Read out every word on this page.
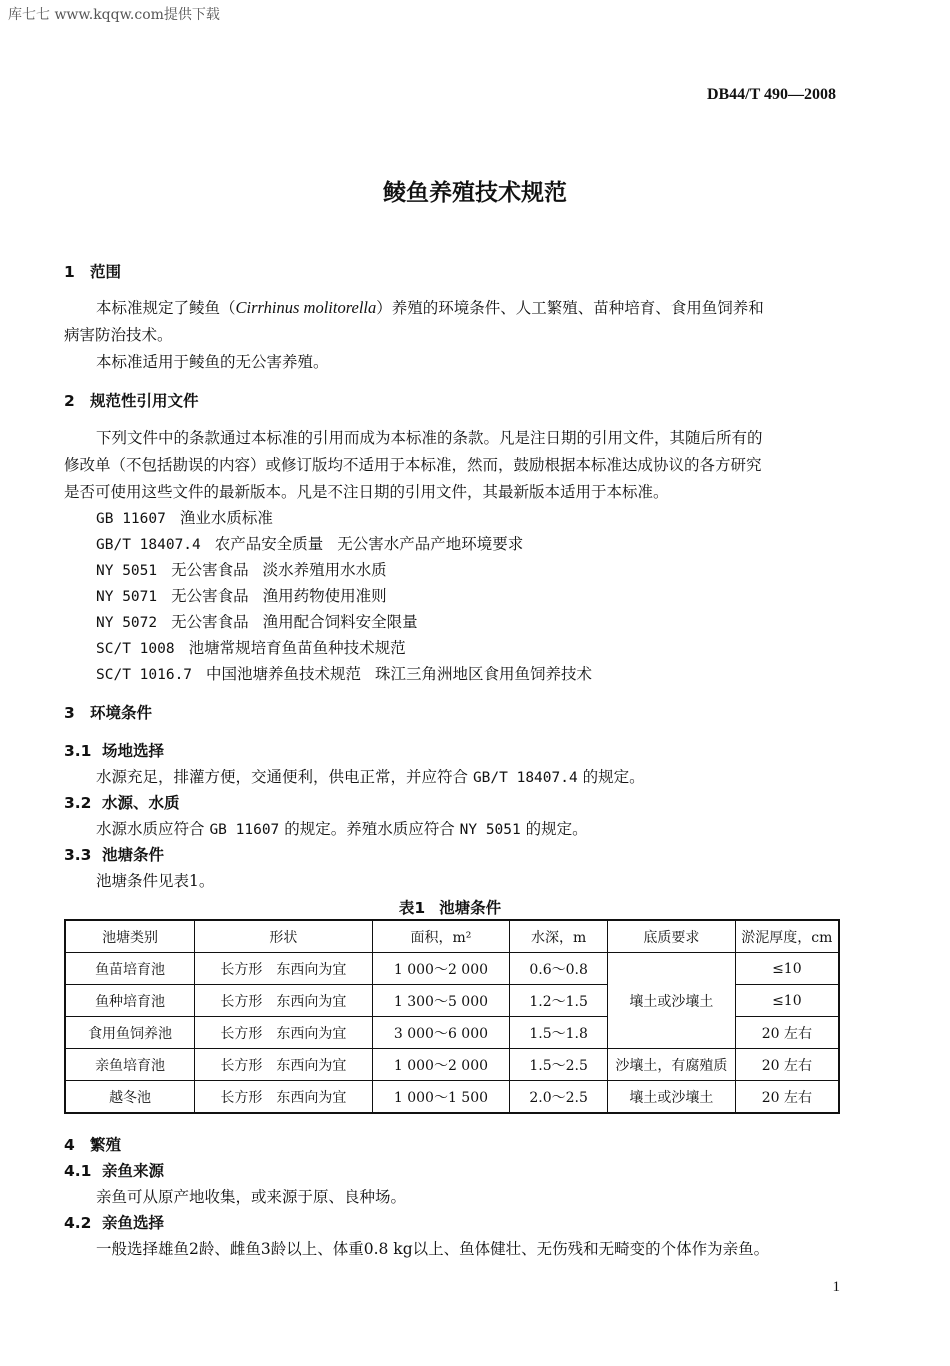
库七七 www.kqqw.com提供下载
DB44/T 490—2008
鲮鱼养殖技术规范
1 范围
本标准规定了鲮鱼（Cirrhinus molitorella）养殖的环境条件、人工繁殖、苗种培育、食用鱼饲养和
病害防治技术。
本标准适用于鲮鱼的无公害养殖。
2 规范性引用文件
下列文件中的条款通过本标准的引用而成为本标准的条款。凡是注日期的引用文件，其随后所有的
修改单（不包括勘误的内容）或修订版均不适用于本标准，然而，鼓励根据本标准达成协议的各方研究
是否可使用这些文件的最新版本。凡是不注日期的引用文件，其最新版本适用于本标准。
GB 11607 渔业水质标准
GB/T 18407.4 农产品安全质量 无公害水产品产地环境要求
NY 5051 无公害食品 淡水养殖用水水质
NY 5071 无公害食品 渔用药物使用准则
NY 5072 无公害食品 渔用配合饲料安全限量
SC/T 1008 池塘常规培育鱼苗鱼种技术规范
SC/T 1016.7 中国池塘养鱼技术规范 珠江三角洲地区食用鱼饲养技术
3 环境条件
3.1 场地选择
水源充足，排灌方便，交通便利，供电正常，并应符合 GB/T 18407.4 的规定。
3.2 水源、水质
水源水质应符合 GB 11607 的规定。养殖水质应符合 NY 5051 的规定。
3.3 池塘条件
池塘条件见表1。
表1 池塘条件
池塘类别	形状	面积，m²	水深，m	底质要求	淤泥厚度，cm
鱼苗培育池	长方形　东西向为宜	1 000～2 000	0.6～0.8	壤土或沙壤土	≤10
鱼种培育池	长方形　东西向为宜	1 300～5 000	1.2～1.5		≤10
食用鱼饲养池	长方形　东西向为宜	3 000～6 000	1.5～1.8		20 左右
亲鱼培育池	长方形　东西向为宜	1 000～2 000	1.5～2.5	沙壤土，有腐殖质	20 左右
越冬池	长方形　东西向为宜	1 000～1 500	2.0～2.5	壤土或沙壤土	20 左右
4 繁殖
4.1 亲鱼来源
亲鱼可从原产地收集，或来源于原、良种场。
4.2 亲鱼选择
一般选择雄鱼2龄、雌鱼3龄以上、体重0.8 kg以上、鱼体健壮、无伤残和无畸变的个体作为亲鱼。
1
